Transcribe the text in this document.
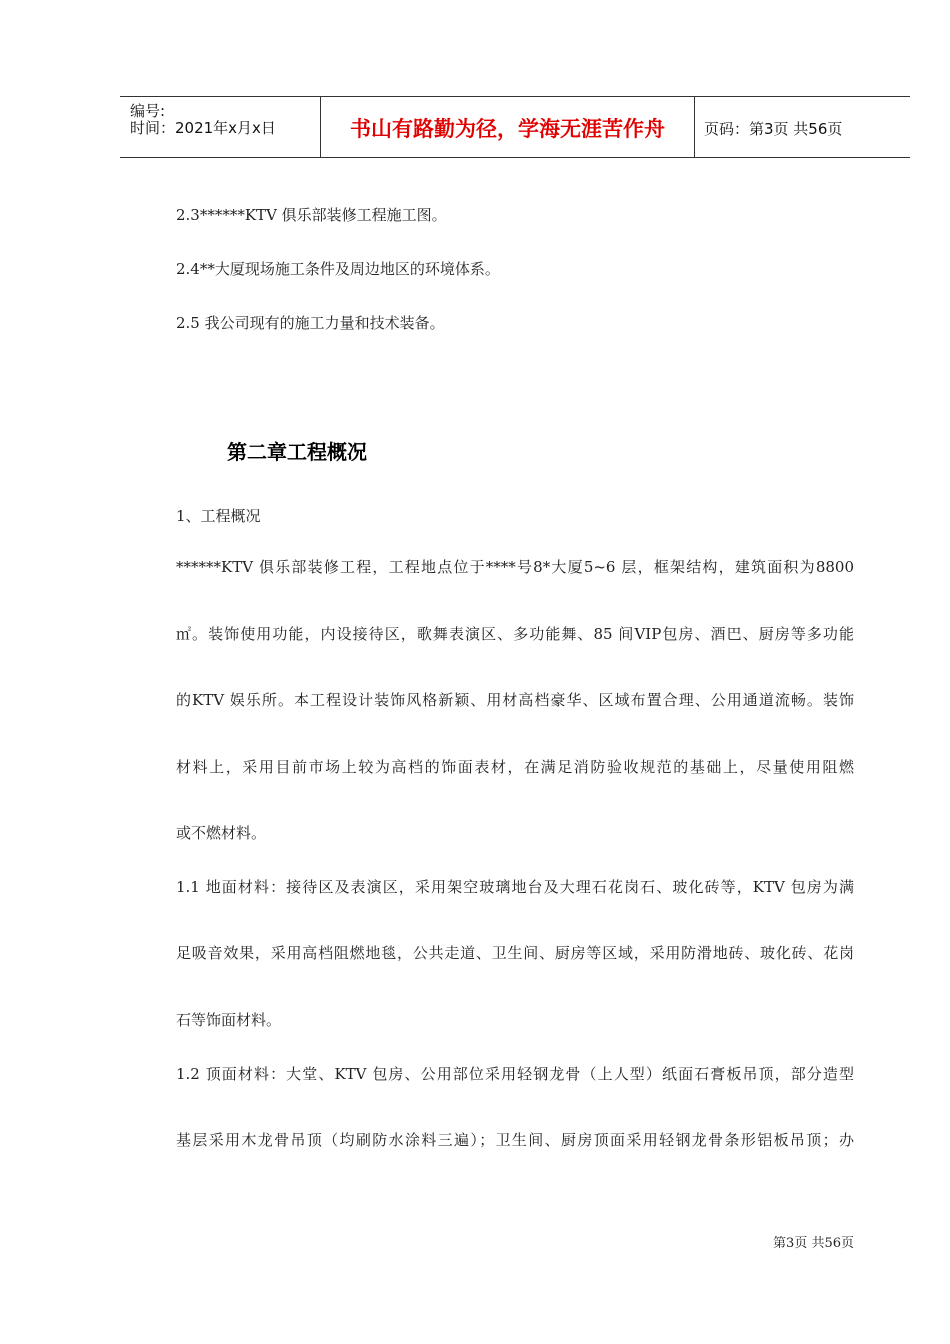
编号:
时间：2021年x月x日	书山有路勤为径，学海无涯苦作舟	页码：第3页 共56页
2.3******KTV 俱乐部装修工程施工图。
2.4**大厦现场施工条件及周边地区的环境体系。
2.5 我公司现有的施工力量和技术装备。
第二章工程概况
1、工程概况
******KTV 俱乐部装修工程，工程地点位于****号8*大厦5~6 层，框架结构，建筑面积为8800
㎡。装饰使用功能，内设接待区，歌舞表演区、多功能舞、85 间VIP包房、酒巴、厨房等多功能
的KTV 娱乐所。本工程设计装饰风格新颖、用材高档豪华、区域布置合理、公用通道流畅。装饰
材料上，采用目前市场上较为高档的饰面表材，在满足消防验收规范的基础上，尽量使用阻燃
或不燃材料。
1.1 地面材料：接待区及表演区，采用架空玻璃地台及大理石花岗石、玻化砖等，KTV 包房为满
足吸音效果，采用高档阻燃地毯，公共走道、卫生间、厨房等区域，采用防滑地砖、玻化砖、花岗
石等饰面材料。
1.2 顶面材料：大堂、KTV 包房、公用部位采用轻钢龙骨（上人型）纸面石膏板吊顶，部分造型
基层采用木龙骨吊顶（均刷防水涂料三遍）；卫生间、厨房顶面采用轻钢龙骨条形铝板吊顶；办
第3页 共56页
